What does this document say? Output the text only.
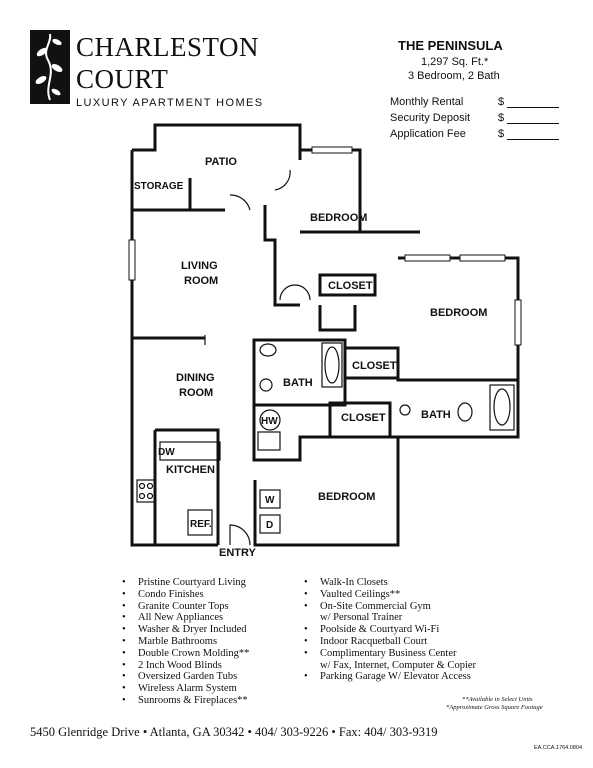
CHARLESTON
COURT
LUXURY APARTMENT HOMES
THE PENINSULA
1,297 Sq. Ft.*
3 Bedroom, 2 Bath
Monthly Rental	$
Security Deposit	$
Application Fee	$
PATIO
STORAGE
BEDROOM
LIVING
ROOM	CLOSET
BEDROOM
CLOSET
BATH
DINING
ROOM
HW	CLOSET	BATH
DW
KITCHEN
BEDROOM
W
D
REF.
ENTRY
• Pristine Courtyard Living
• Condo Finishes
• Granite Counter Tops
• All New Appliances
• Washer & Dryer Included
• Marble Bathrooms
• Double Crown Molding**
• 2 Inch Wood Blinds
• Oversized Garden Tubs
• Wireless Alarm System
• Sunrooms & Fireplaces**
• Walk-In Closets
• Vaulted Ceilings**
• On-Site Commercial Gym
w/ Personal Trainer
• Poolside & Courtyard Wi-Fi
• Indoor Racquetball Court
• Complimentary Business Center
w/ Fax, Internet, Computer & Copier
• Parking Garage W/ Elevator Access
**Available in Select Units
*Approximate Gross Square Footage
5450 Glenridge Drive • Atlanta, GA 30342 • 404/ 303-9226 • Fax: 404/ 303-9319
EA.CCA.1764.0804
